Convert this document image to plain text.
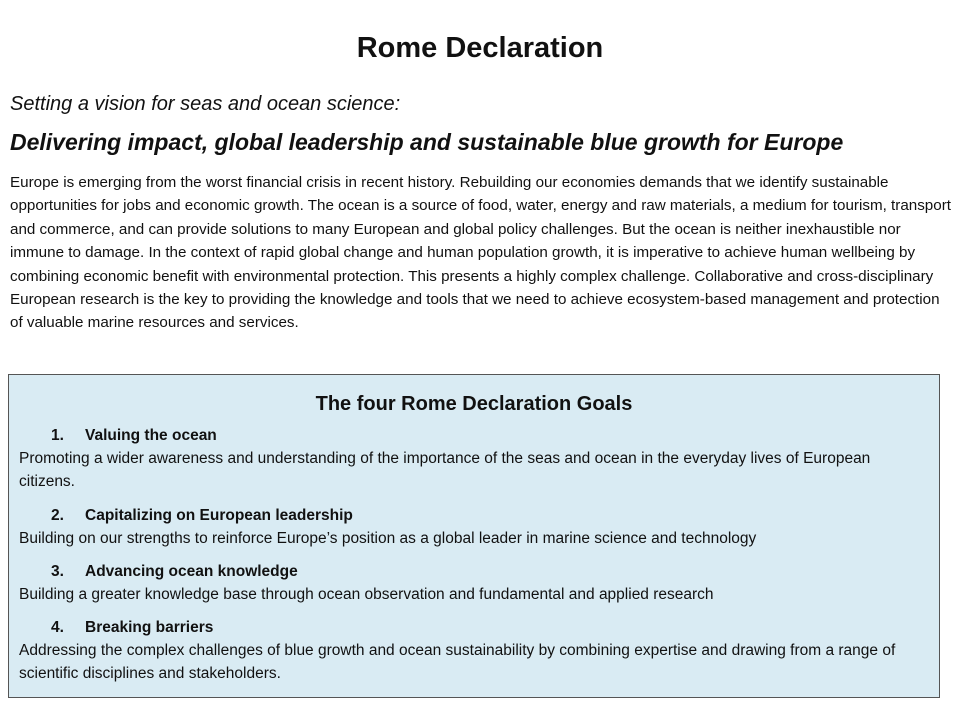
Rome Declaration
Setting a vision for seas and ocean science:
Delivering impact, global leadership and sustainable blue growth for Europe

Europe is emerging from the worst financial crisis in recent history. Rebuilding our economies demands that we identify sustainable opportunities for jobs and economic growth. The ocean is a source of food, water, energy and raw materials, a medium for tourism, transport and commerce, and can provide solutions to many European and global policy challenges. But the ocean is neither inexhaustible nor immune to damage. In the context of rapid global change and human population growth, it is imperative to achieve human wellbeing by combining economic benefit with environmental protection. This presents a highly complex challenge. Collaborative and cross-disciplinary European research is the key to providing the knowledge and tools that we need to achieve ecosystem-based management and protection of valuable marine resources and services.

The four Rome Declaration Goals
1. Valuing the ocean
Promoting a wider awareness and understanding of the importance of the seas and ocean in the everyday lives of European citizens.
2. Capitalizing on European leadership
Building on our strengths to reinforce Europe’s position as a global leader in marine science and technology
3. Advancing ocean knowledge
Building a greater knowledge base through ocean observation and fundamental and applied research
4. Breaking barriers
Addressing the complex challenges of blue growth and ocean sustainability by combining expertise and drawing from a range of scientific disciplines and stakeholders.
